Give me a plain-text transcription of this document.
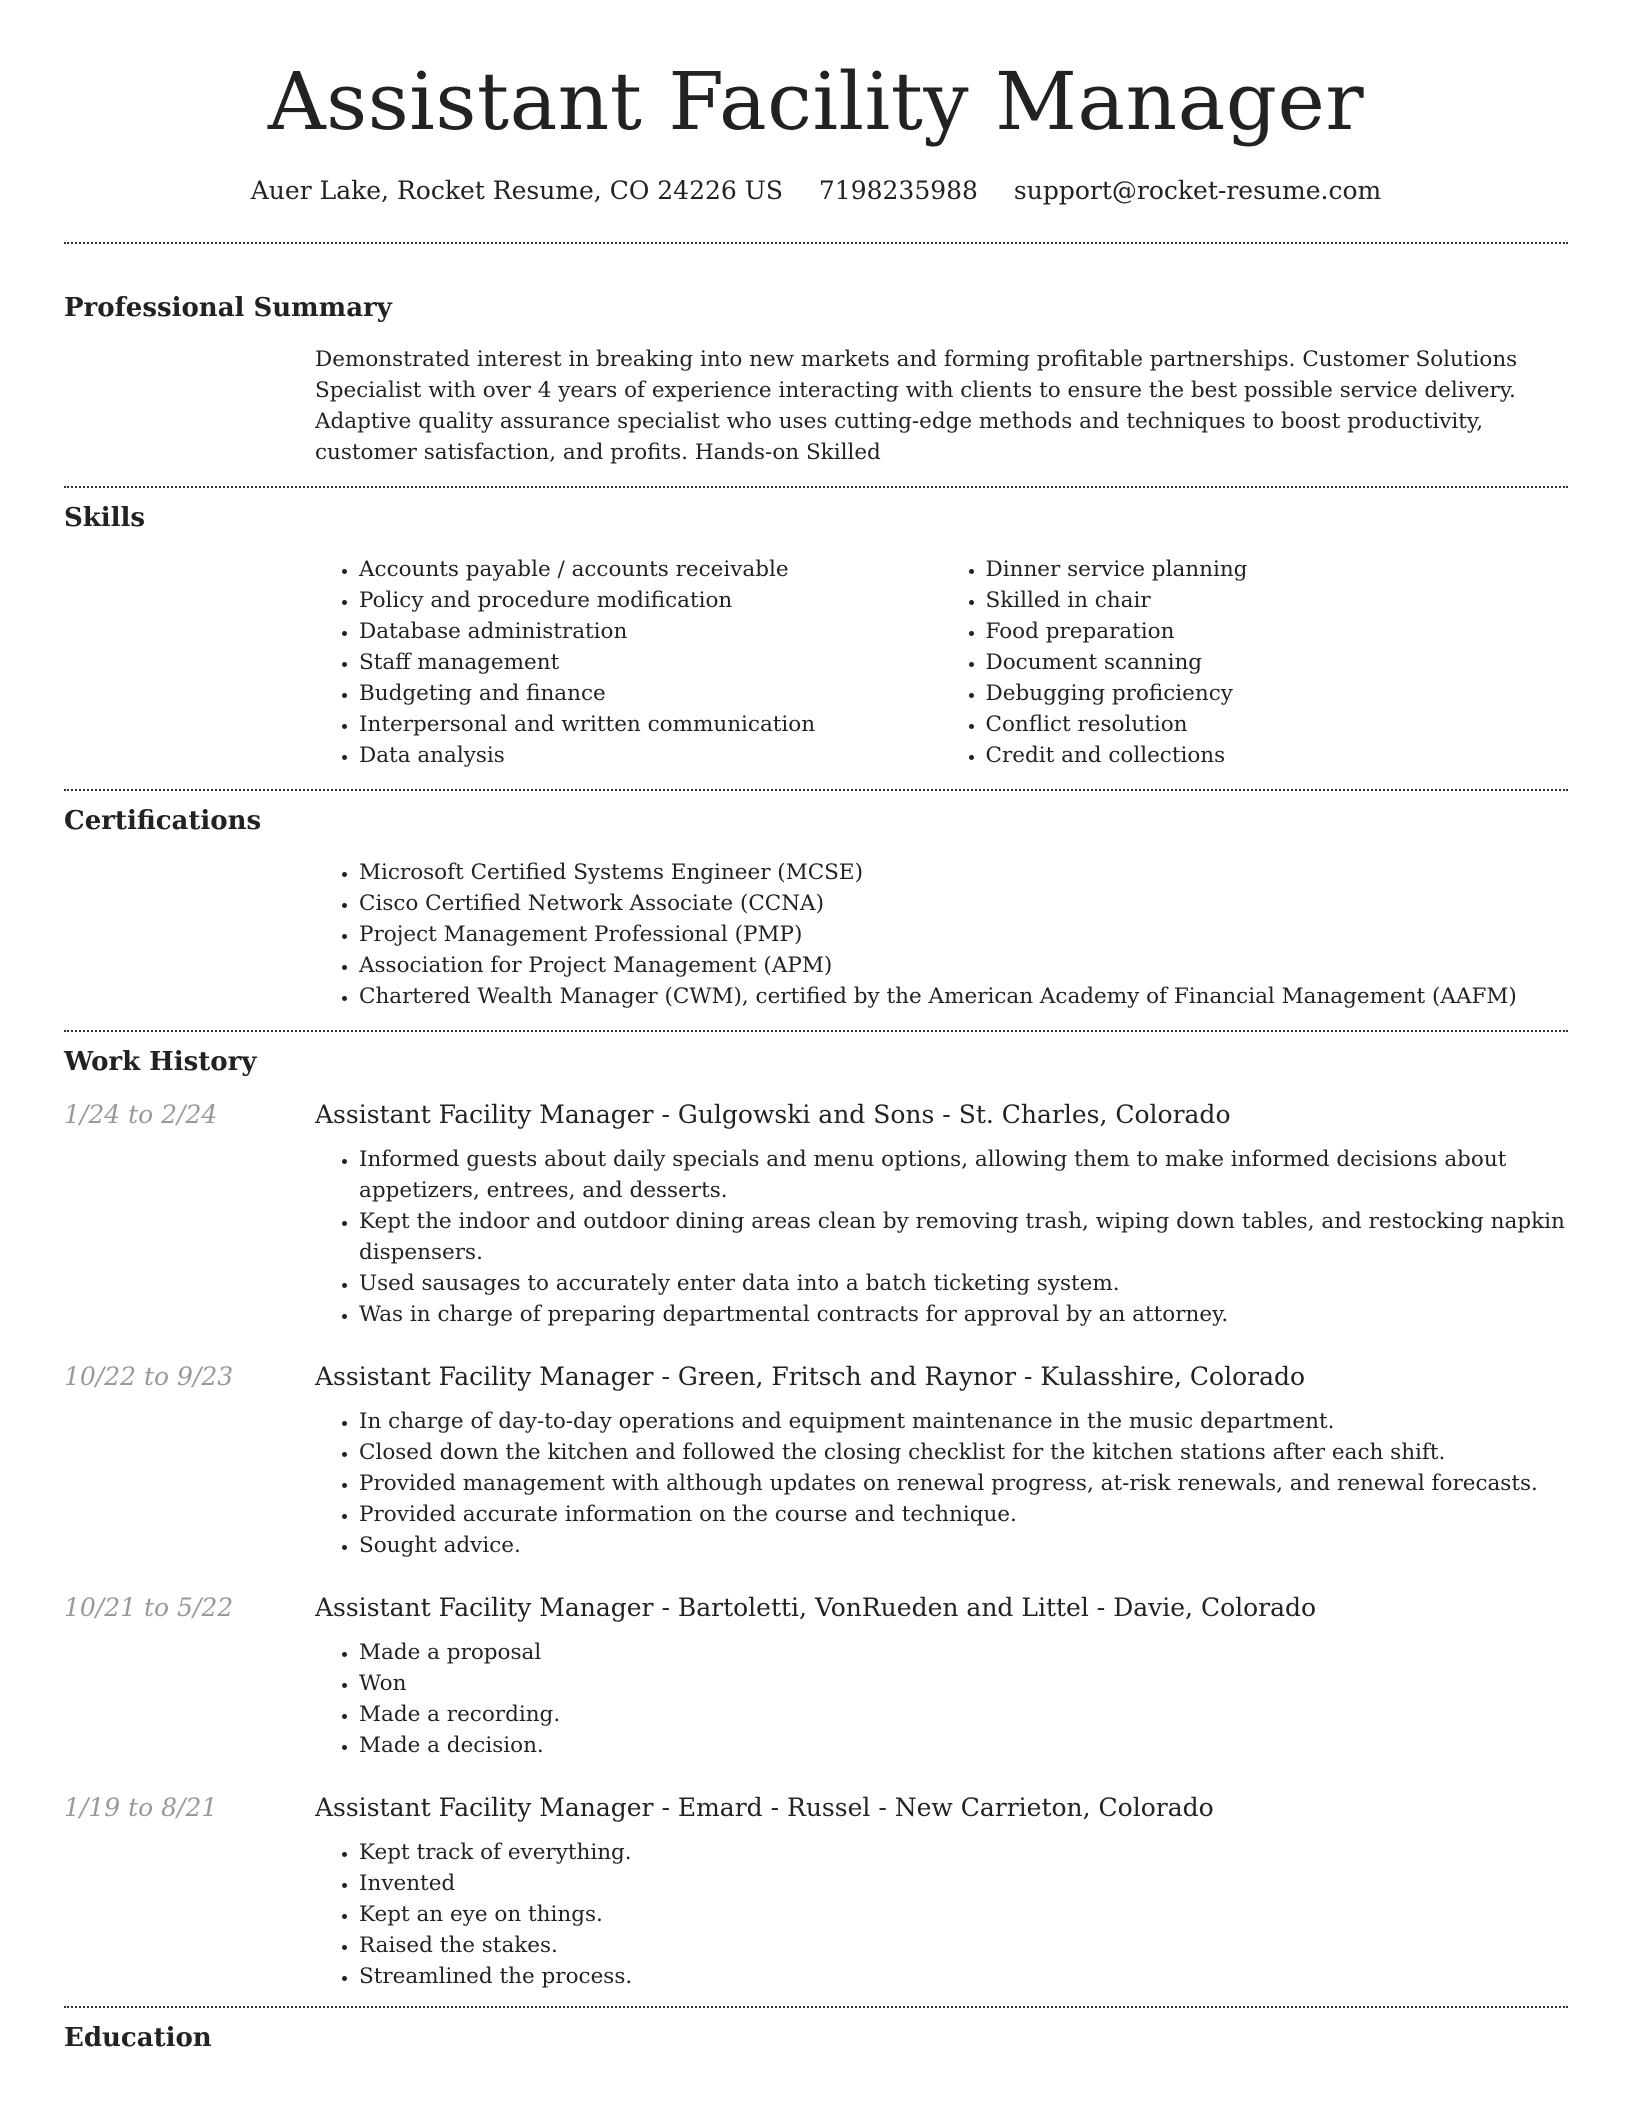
Assistant Facility Manager
Auer Lake, Rocket Resume, CO 24226 US 7198235988 support@rocket-resume.com
Professional Summary

Demonstrated interest in breaking into new markets and forming profitable partnerships. Customer Solutions Specialist with over 4 years of experience interacting with clients to ensure the best possible service delivery. Adaptive quality assurance specialist who uses cutting-edge methods and techniques to boost productivity, customer satisfaction, and profits. Hands-on Skilled

Skills
• Accounts payable / accounts receivable
• Policy and procedure modification
• Database administration
• Staff management
• Budgeting and finance
• Interpersonal and written communication
• Data analysis
• Dinner service planning
• Skilled in chair
• Food preparation
• Document scanning
• Debugging proficiency
• Conflict resolution
• Credit and collections
Certifications
• Microsoft Certified Systems Engineer (MCSE)
• Cisco Certified Network Associate (CCNA)
• Project Management Professional (PMP)
• Association for Project Management (APM)
• Chartered Wealth Manager (CWM), certified by the American Academy of Financial Management (AAFM)
Work History
1/24 to 2/24	Assistant Facility Manager - Gulgowski and Sons - St. Charles, Colorado
• Informed guests about daily specials and menu options, allowing them to make informed decisions about appetizers, entrees, and desserts.
• Kept the indoor and outdoor dining areas clean by removing trash, wiping down tables, and restocking napkin dispensers.
• Used sausages to accurately enter data into a batch ticketing system.
• Was in charge of preparing departmental contracts for approval by an attorney.
10/22 to 9/23	Assistant Facility Manager - Green, Fritsch and Raynor - Kulasshire, Colorado
• In charge of day-to-day operations and equipment maintenance in the music department.
• Closed down the kitchen and followed the closing checklist for the kitchen stations after each shift.
• Provided management with although updates on renewal progress, at-risk renewals, and renewal forecasts.
• Provided accurate information on the course and technique.
• Sought advice.
10/21 to 5/22	Assistant Facility Manager - Bartoletti, VonRueden and Littel - Davie, Colorado
• Made a proposal
• Won
• Made a recording.
• Made a decision.
1/19 to 8/21	Assistant Facility Manager - Emard - Russel - New Carrieton, Colorado
• Kept track of everything.
• Invented
• Kept an eye on things.
• Raised the stakes.
• Streamlined the process.
Education
